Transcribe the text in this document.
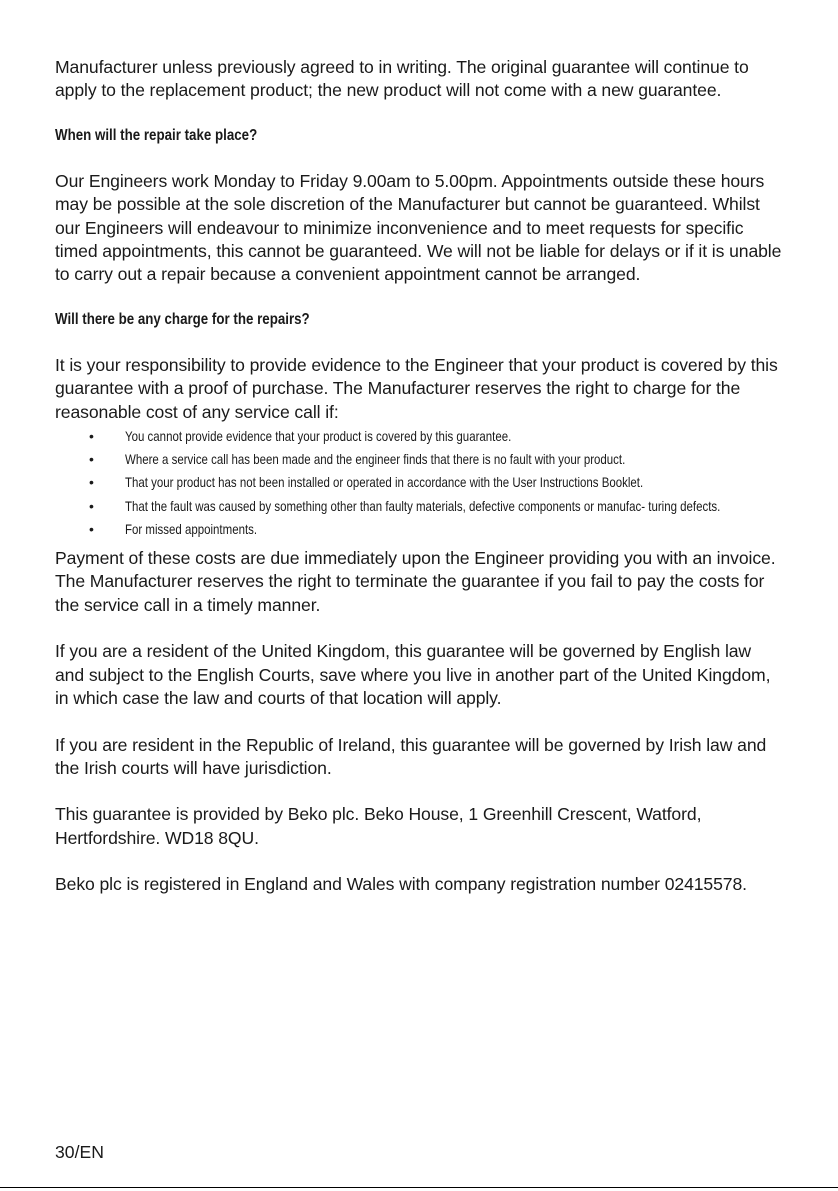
Manufacturer unless previously agreed to in writing. The original guarantee will continue to apply to the replacement product; the new product will not come with a new guarantee.

When will the repair take place?

Our Engineers work Monday to Friday 9.00am to 5.00pm. Appointments outside these hours may be possible at the sole discretion of the Manufacturer but cannot be guaranteed. Whilst our Engineers will endeavour to minimize inconvenience and to meet requests for specific timed appointments, this cannot be guaranteed. We will not be liable for delays or if it is unable to carry out a repair because a convenient appointment cannot be arranged.

Will there be any charge for the repairs?

It is your responsibility to provide evidence to the Engineer that your product is covered by this guarantee with a proof of purchase. The Manufacturer reserves the right to charge for the reasonable cost of any service call if:

• You cannot provide evidence that your product is covered by this guarantee.
• Where a service call has been made and the engineer finds that there is no fault with your product.
• That your product has not been installed or operated in accordance with the User Instructions Booklet.
• That the fault was caused by something other than faulty materials, defective components or manufac- turing defects.
• For missed appointments.

Payment of these costs are due immediately upon the Engineer providing you with an invoice. The Manufacturer reserves the right to terminate the guarantee if you fail to pay the costs for the service call in a timely manner.

If you are a resident of the United Kingdom, this guarantee will be governed by English law and subject to the English Courts, save where you live in another part of the United Kingdom, in which case the law and courts of that location will apply.

If you are resident in the Republic of Ireland, this guarantee will be governed by Irish law and the Irish courts will have jurisdiction.

This guarantee is provided by Beko plc. Beko House, 1 Greenhill Crescent, Watford, Hertfordshire. WD18 8QU.

Beko plc is registered in England and Wales with company registration number 02415578.

30/EN
